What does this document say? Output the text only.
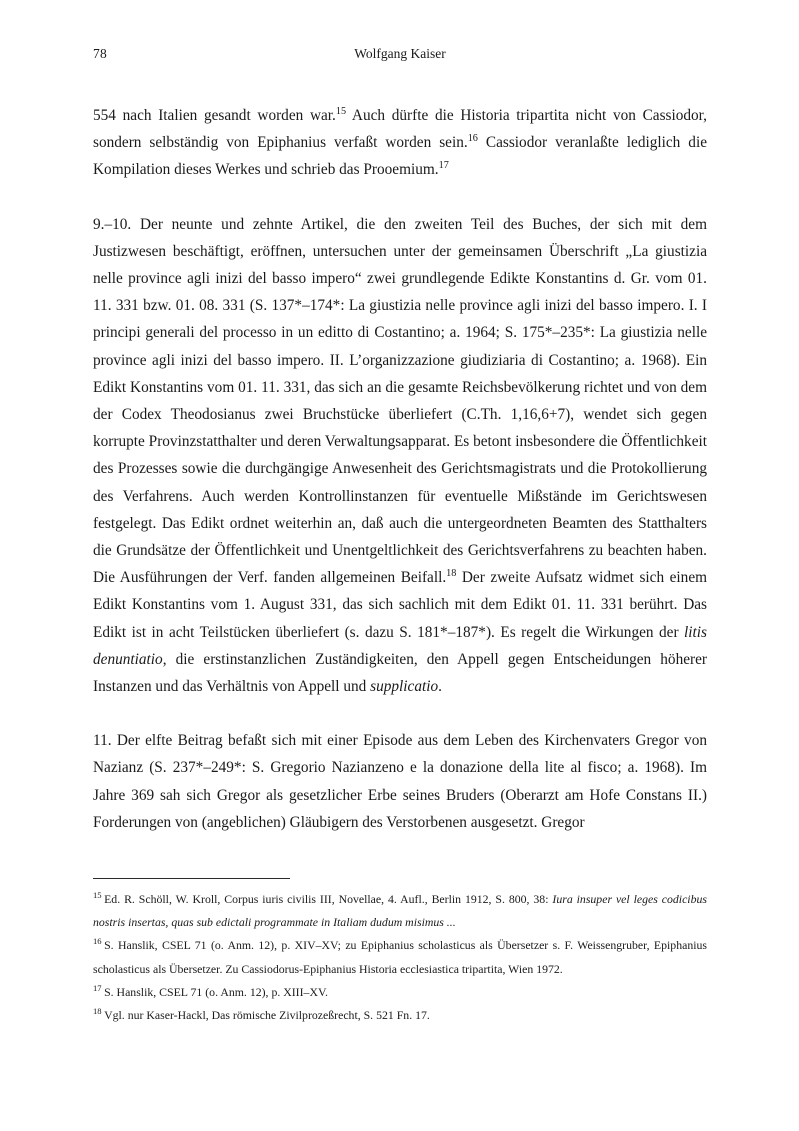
78	Wolfgang Kaiser

554 nach Italien gesandt worden war.$^{15}$ Auch dürfte die Historia tripartita nicht von Cassiodor, sondern selbständig von Epiphanius verfaßt worden sein.$^{16}$ Cassiodor veranlaßte lediglich die Kompilation dieses Werkes und schrieb das Prooemium.$^{17}$

9.–10. Der neunte und zehnte Artikel, die den zweiten Teil des Buches, der sich mit dem Justizwesen beschäftigt, eröffnen, untersuchen unter der gemeinsamen Überschrift „La giustizia nelle province agli inizi del basso impero“ zwei grundlegende Edikte Konstantins d. Gr. vom 01. 11. 331 bzw. 01. 08. 331 (S. 137*–174*: La giustizia nelle province agli inizi del basso impero. I. I principi generali del processo in un editto di Costantino; a. 1964; S. 175*–235*: La giustizia nelle province agli inizi del basso impero. II. L’organizzazione giudiziaria di Costantino; a. 1968). Ein Edikt Konstantins vom 01. 11. 331, das sich an die gesamte Reichsbevölkerung richtet und von dem der Codex Theodosianus zwei Bruchstücke überliefert (C.Th. 1,16,6+7), wendet sich gegen korrupte Provinzstatthalter und deren Verwaltungsapparat. Es betont insbesondere die Öffentlichkeit des Prozesses sowie die durchgängige Anwesenheit des Gerichtsmagistrats und die Protokollierung des Verfahrens. Auch werden Kontrollinstanzen für eventuelle Mißstände im Gerichtswesen festgelegt. Das Edikt ordnet weiterhin an, daß auch die untergeordneten Beamten des Statthalters die Grundsätze der Öffentlichkeit und Unentgeltlichkeit des Gerichtsverfahrens zu beachten haben. Die Ausführungen der Verf. fanden allgemeinen Beifall.$^{18}$ Der zweite Aufsatz widmet sich einem Edikt Konstantins vom 1. August 331, das sich sachlich mit dem Edikt 01. 11. 331 berührt. Das Edikt ist in acht Teilstücken überliefert (s. dazu S. 181*–187*). Es regelt die Wirkungen der litis denuntiatio, die erstinstanzlichen Zuständigkeiten, den Appell gegen Entscheidungen höherer Instanzen und das Verhältnis von Appell und supplicatio.

11. Der elfte Beitrag befaßt sich mit einer Episode aus dem Leben des Kirchenvaters Gregor von Nazianz (S. 237*–249*: S. Gregorio Nazianzeno e la donazione della lite al fisco; a. 1968). Im Jahre 369 sah sich Gregor als gesetzlicher Erbe seines Bruders (Oberarzt am Hofe Constans II.) Forderungen von (angeblichen) Gläubigern des Verstorbenen ausgesetzt. Gregor

$^{15}$ Ed. R. Schöll, W. Kroll, Corpus iuris civilis III, Novellae, 4. Aufl., Berlin 1912, S. 800, 38: Iura insuper vel leges codicibus nostris insertas, quas sub edictali programmate in Italiam dudum misimus ...

$^{16}$ S. Hanslik, CSEL 71 (o. Anm. 12), p. XIV–XV; zu Epiphanius scholasticus als Übersetzer s. F. Weissengruber, Epiphanius scholasticus als Übersetzer. Zu Cassiodorus-Epiphanius Historia ecclesiastica tripartita, Wien 1972.

$^{17}$ S. Hanslik, CSEL 71 (o. Anm. 12), p. XIII–XV.

$^{18}$ Vgl. nur Kaser-Hackl, Das römische Zivilprozeßrecht, S. 521 Fn. 17.
